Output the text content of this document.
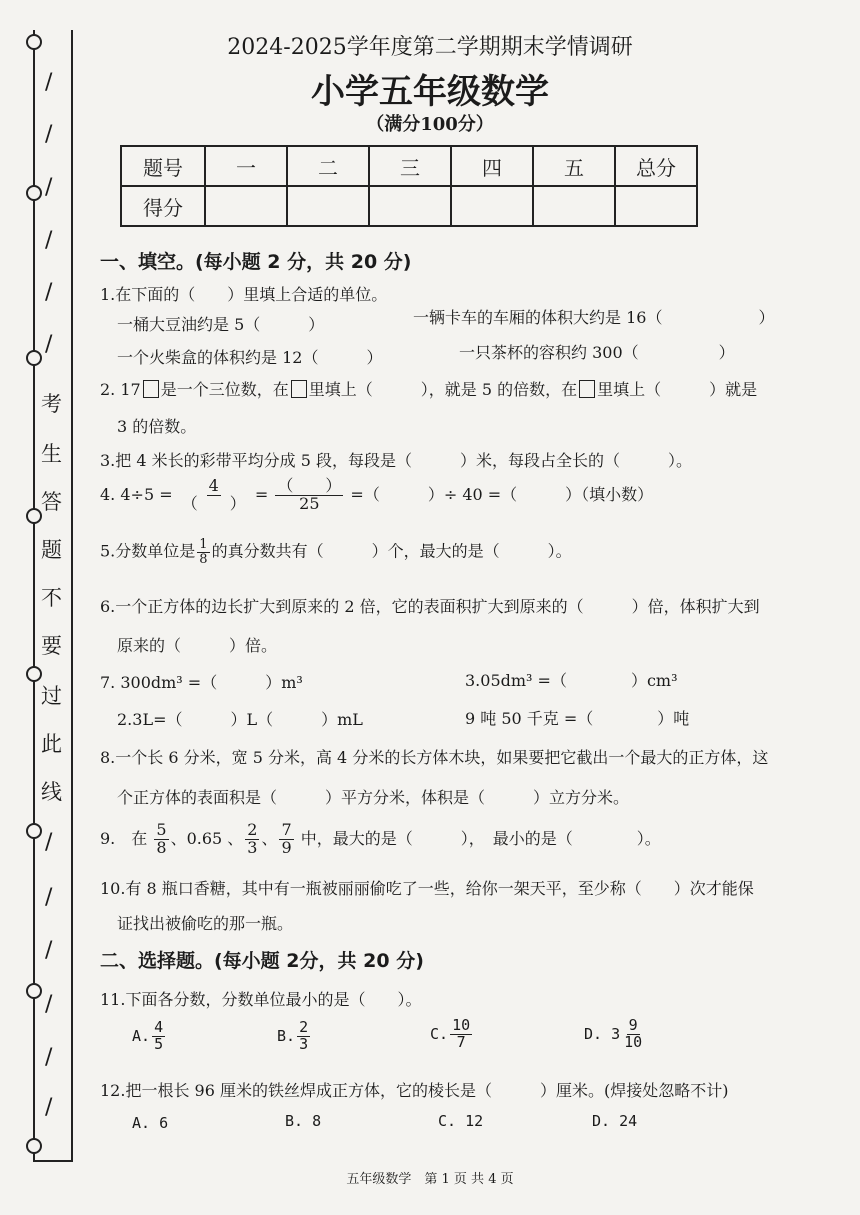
/
/
/
/
/
/
考
生
答
题
不
要
过
此
线
/
/
/
/
/
/
2024-2025学年度第二学期期末学情调研
小学五年级数学
（满分100分）
题号	一	二	三	四	五	总分
得分						
一、填空。(每小题 2 分，共 20 分)
1.在下面的（　　）里填上合适的单位。
一桶大豆油约是 5（　　　）	一辆卡车的车厢的体积大约是 16（　　　　　　）
一个火柴盒的体积约是 12（　　　）	一只茶杯的容积约 300（　　　　　）
2. 17 是一个三位数，在 里填上（　　　），就是 5 的倍数，在 里填上（　　　）就是
3 的倍数。
3.把 4 米长的彩带平均分成 5 段，每段是（　　　）米，每段占全长的（　　　）。
4. $4\div 5 = \frac{4}{( )} = \frac{( )}{25}$ =（　　　）÷ 40 =（　　　）（填小数）
5.分数单位是 $\frac{1}{8}$ 的真分数共有（　　　）个，最大的是（　　　）。
6.一个正方体的边长扩大到原来的 2 倍，它的表面积扩大到原来的（　　　）倍，体积扩大到
原来的（　　　）倍。
7. 300dm³ =（　　　）m³	3.05dm³ =（　　　　）cm³
2.3L=（　　　）L（　　　）mL	9 吨 50 千克 =（　　　　）吨
8.一个长 6 分米，宽 5 分米，高 4 分米的长方体木块，如果要把它截出一个最大的正方体，这
个正方体的表面积是（　　　）平方分米，体积是（　　　）立方分米。
9.　在 $\frac{5}{8}$ 、0.65 、 $\frac{2}{3}$ 、 $\frac{7}{9}$ 中，最大的是（　　　），　最小的是（　　　　）。
10.有 8 瓶口香糖，其中有一瓶被丽丽偷吃了一些，给你一架天平，至少称（　　）次才能保
证找出被偷吃的那一瓶。
二、选择题。(每小题 2分，共 20 分)
11.下面各分数，分数单位最小的是（　　）。
A. $\frac{4}{5}$	B. $\frac{2}{3}$	C. $\frac{10}{7}$	D. $3 \frac{9}{10}$
12.把一根长 96 厘米的铁丝焊成正方体，它的棱长是（　　　）厘米。(焊接处忽略不计)
A. 6	B. 8	C. 12	D. 24
五年级数学　第 1 页 共 4 页
